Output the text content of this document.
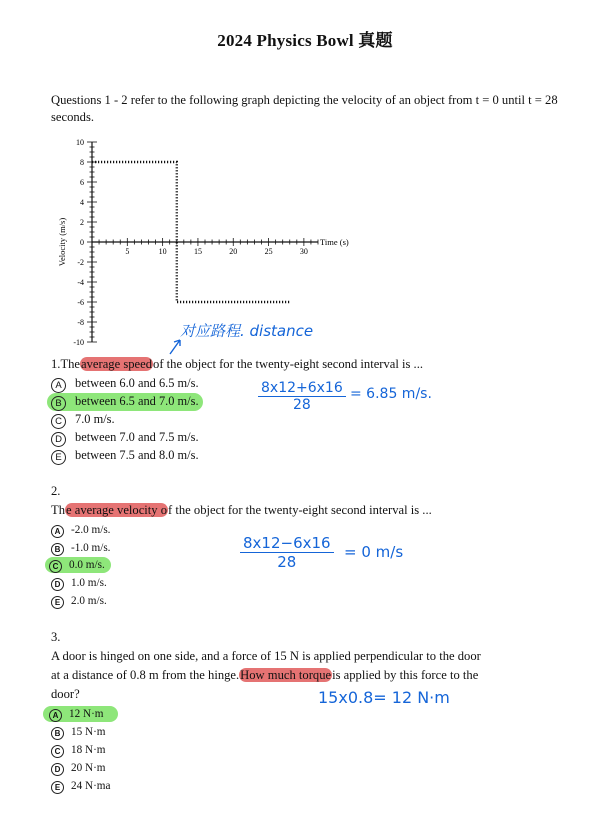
2024 Physics Bowl 真题
Questions 1 - 2 refer to the following graph depicting the velocity of an object from t = 0 until t = 28 seconds.
10
8
6
4
2
0
-2
-4
-6
-8
-10
5	10	15	20	25	30
Velocity (m/s)	Time (s)
对应路程. distance
1.Theaverage speedof the object for the twenty-eight second interval is ...
A between 6.0 and 6.5 m/s.
B between 6.5 and 7.0 m/s.
C 7.0 m/s.
D between 7.0 and 7.5 m/s.
E between 7.5 and 8.0 m/s.
$\frac{8x12+6x16}{28} = 6.85$ m/s.
2.
The average velocity of the object for the twenty-eight second interval is ...
A -2.0 m/s.
B -1.0 m/s.
C 0.0 m/s.
D 1.0 m/s.
E 2.0 m/s.
$\frac{8x12-6x16}{28} = 0$ m/s
3.
A door is hinged on one side, and a force of 15 N is applied perpendicular to the door
at a distance of 0.8 m from the hinge.How much torqueis applied by this force to the
door?
A 12 N·m
B 15 N·m
C 18 N·m
D 20 N·m
E 24 N·ma
15x0.8= 12 N·m
